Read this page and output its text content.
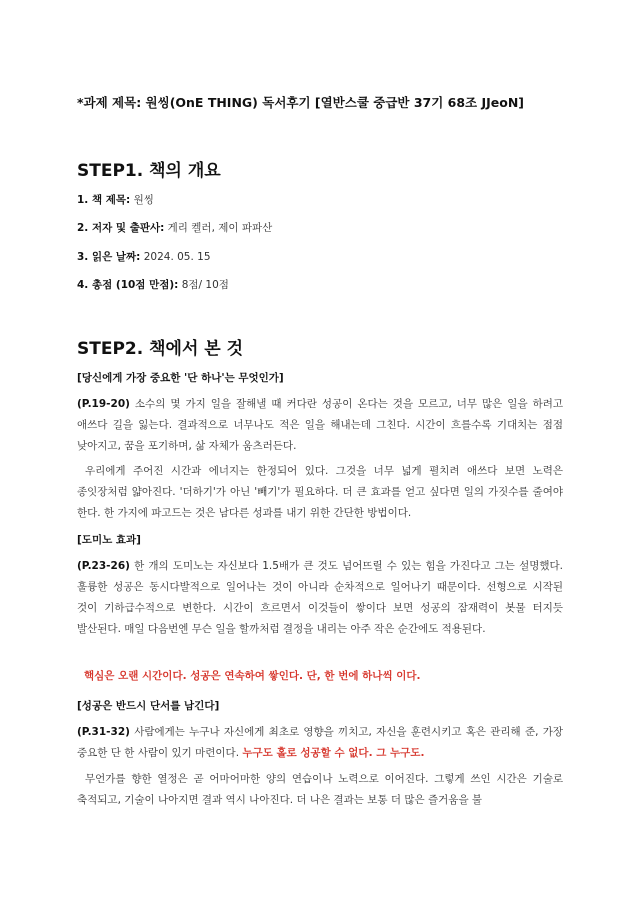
*과제 제목: 원씽(OnE THING) 독서후기 [열반스쿨 중급반 37기 68조 JJeoN]
STEP1. 책의 개요
1. 책 제목: 원씽
2. 저자 및 출판사: 게리 켈러, 제이 파파산
3. 읽은 날짜: 2024. 05. 15
4. 총점 (10점 만점): 8점/ 10점
STEP2. 책에서 본 것
[당신에게 가장 중요한 '단 하나'는 무엇인가]
(P.19-20) 소수의 몇 가지 일을 잘해낼 때 커다란 성공이 온다는 것을 모르고, 너무 많은 일을 하려고 애쓰다 길을 잃는다. 결과적으로 너무나도 적은 일을 해내는데 그친다. 시간이 흐를수록 기대치는 점점 낮아지고, 꿈을 포기하며, 삶 자체가 움츠러든다.
우리에게 주어진 시간과 에너지는 한정되어 있다. 그것을 너무 넓게 펼치려 애쓰다 보면 노력은 종잇장처럼 얇아진다. '더하기'가 아닌 '빼기'가 필요하다. 더 큰 효과를 얻고 싶다면 일의 가짓수를 줄여야 한다. 한 가지에 파고드는 것은 남다른 성과를 내기 위한 간단한 방법이다.
[도미노 효과]
(P.23-26) 한 개의 도미노는 자신보다 1.5배가 큰 것도 넘어뜨릴 수 있는 힘을 가진다고 그는 설명했다. 훌륭한 성공은 동시다발적으로 일어나는 것이 아니라 순차적으로 일어나기 때문이다. 선형으로 시작된 것이 기하급수적으로 변한다. 시간이 흐르면서 이것들이 쌓이다 보면 성공의 잠재력이 봇물 터지듯 발산된다. 매일 다음번엔 무슨 일을 할까처럼 결정을 내리는 아주 작은 순간에도 적용된다.
핵심은 오랜 시간이다. 성공은 연속하여 쌓인다. 단, 한 번에 하나씩 이다.
[성공은 반드시 단서를 남긴다]
(P.31-32) 사람에게는 누구나 자신에게 최초로 영향을 끼치고, 자신을 훈련시키고 혹은 관리해 준, 가장 중요한 단 한 사람이 있기 마련이다. 누구도 홀로 성공할 수 없다. 그 누구도.
무언가를 향한 열정은 곧 어마어마한 양의 연습이나 노력으로 이어진다. 그렇게 쓰인 시간은 기술로 축적되고, 기술이 나아지면 결과 역시 나아진다. 더 나은 결과는 보통 더 많은 즐거움을 불
